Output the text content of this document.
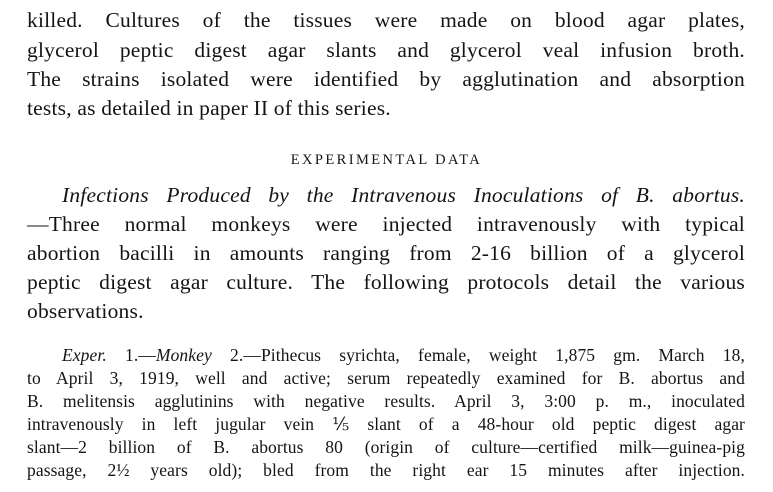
killed. Cultures of the tissues were made on blood agar plates,
glycerol peptic digest agar slants and glycerol veal infusion broth.
The strains isolated were identified by agglutination and absorption
tests, as detailed in paper II of this series.
EXPERIMENTAL DATA
Infections Produced by the Intravenous Inoculations of B. abortus.
—Three normal monkeys were injected intravenously with typical
abortion bacilli in amounts ranging from 2-16 billion of a glycerol
peptic digest agar culture. The following protocols detail the various
observations.
Exper. 1.—Monkey 2.—Pithecus syrichta, female, weight 1,875 gm. March 18,
to April 3, 1919, well and active; serum repeatedly examined for B. abortus and
B. melitensis agglutinins with negative results. April 3, 3:00 p. m., inoculated
intravenously in left jugular vein ⅕ slant of a 48-hour old peptic digest agar
slant—2 billion of B. abortus 80 (origin of culture—certified milk—guinea-pig
passage, 2½ years old); bled from the right ear 15 minutes after injection.
